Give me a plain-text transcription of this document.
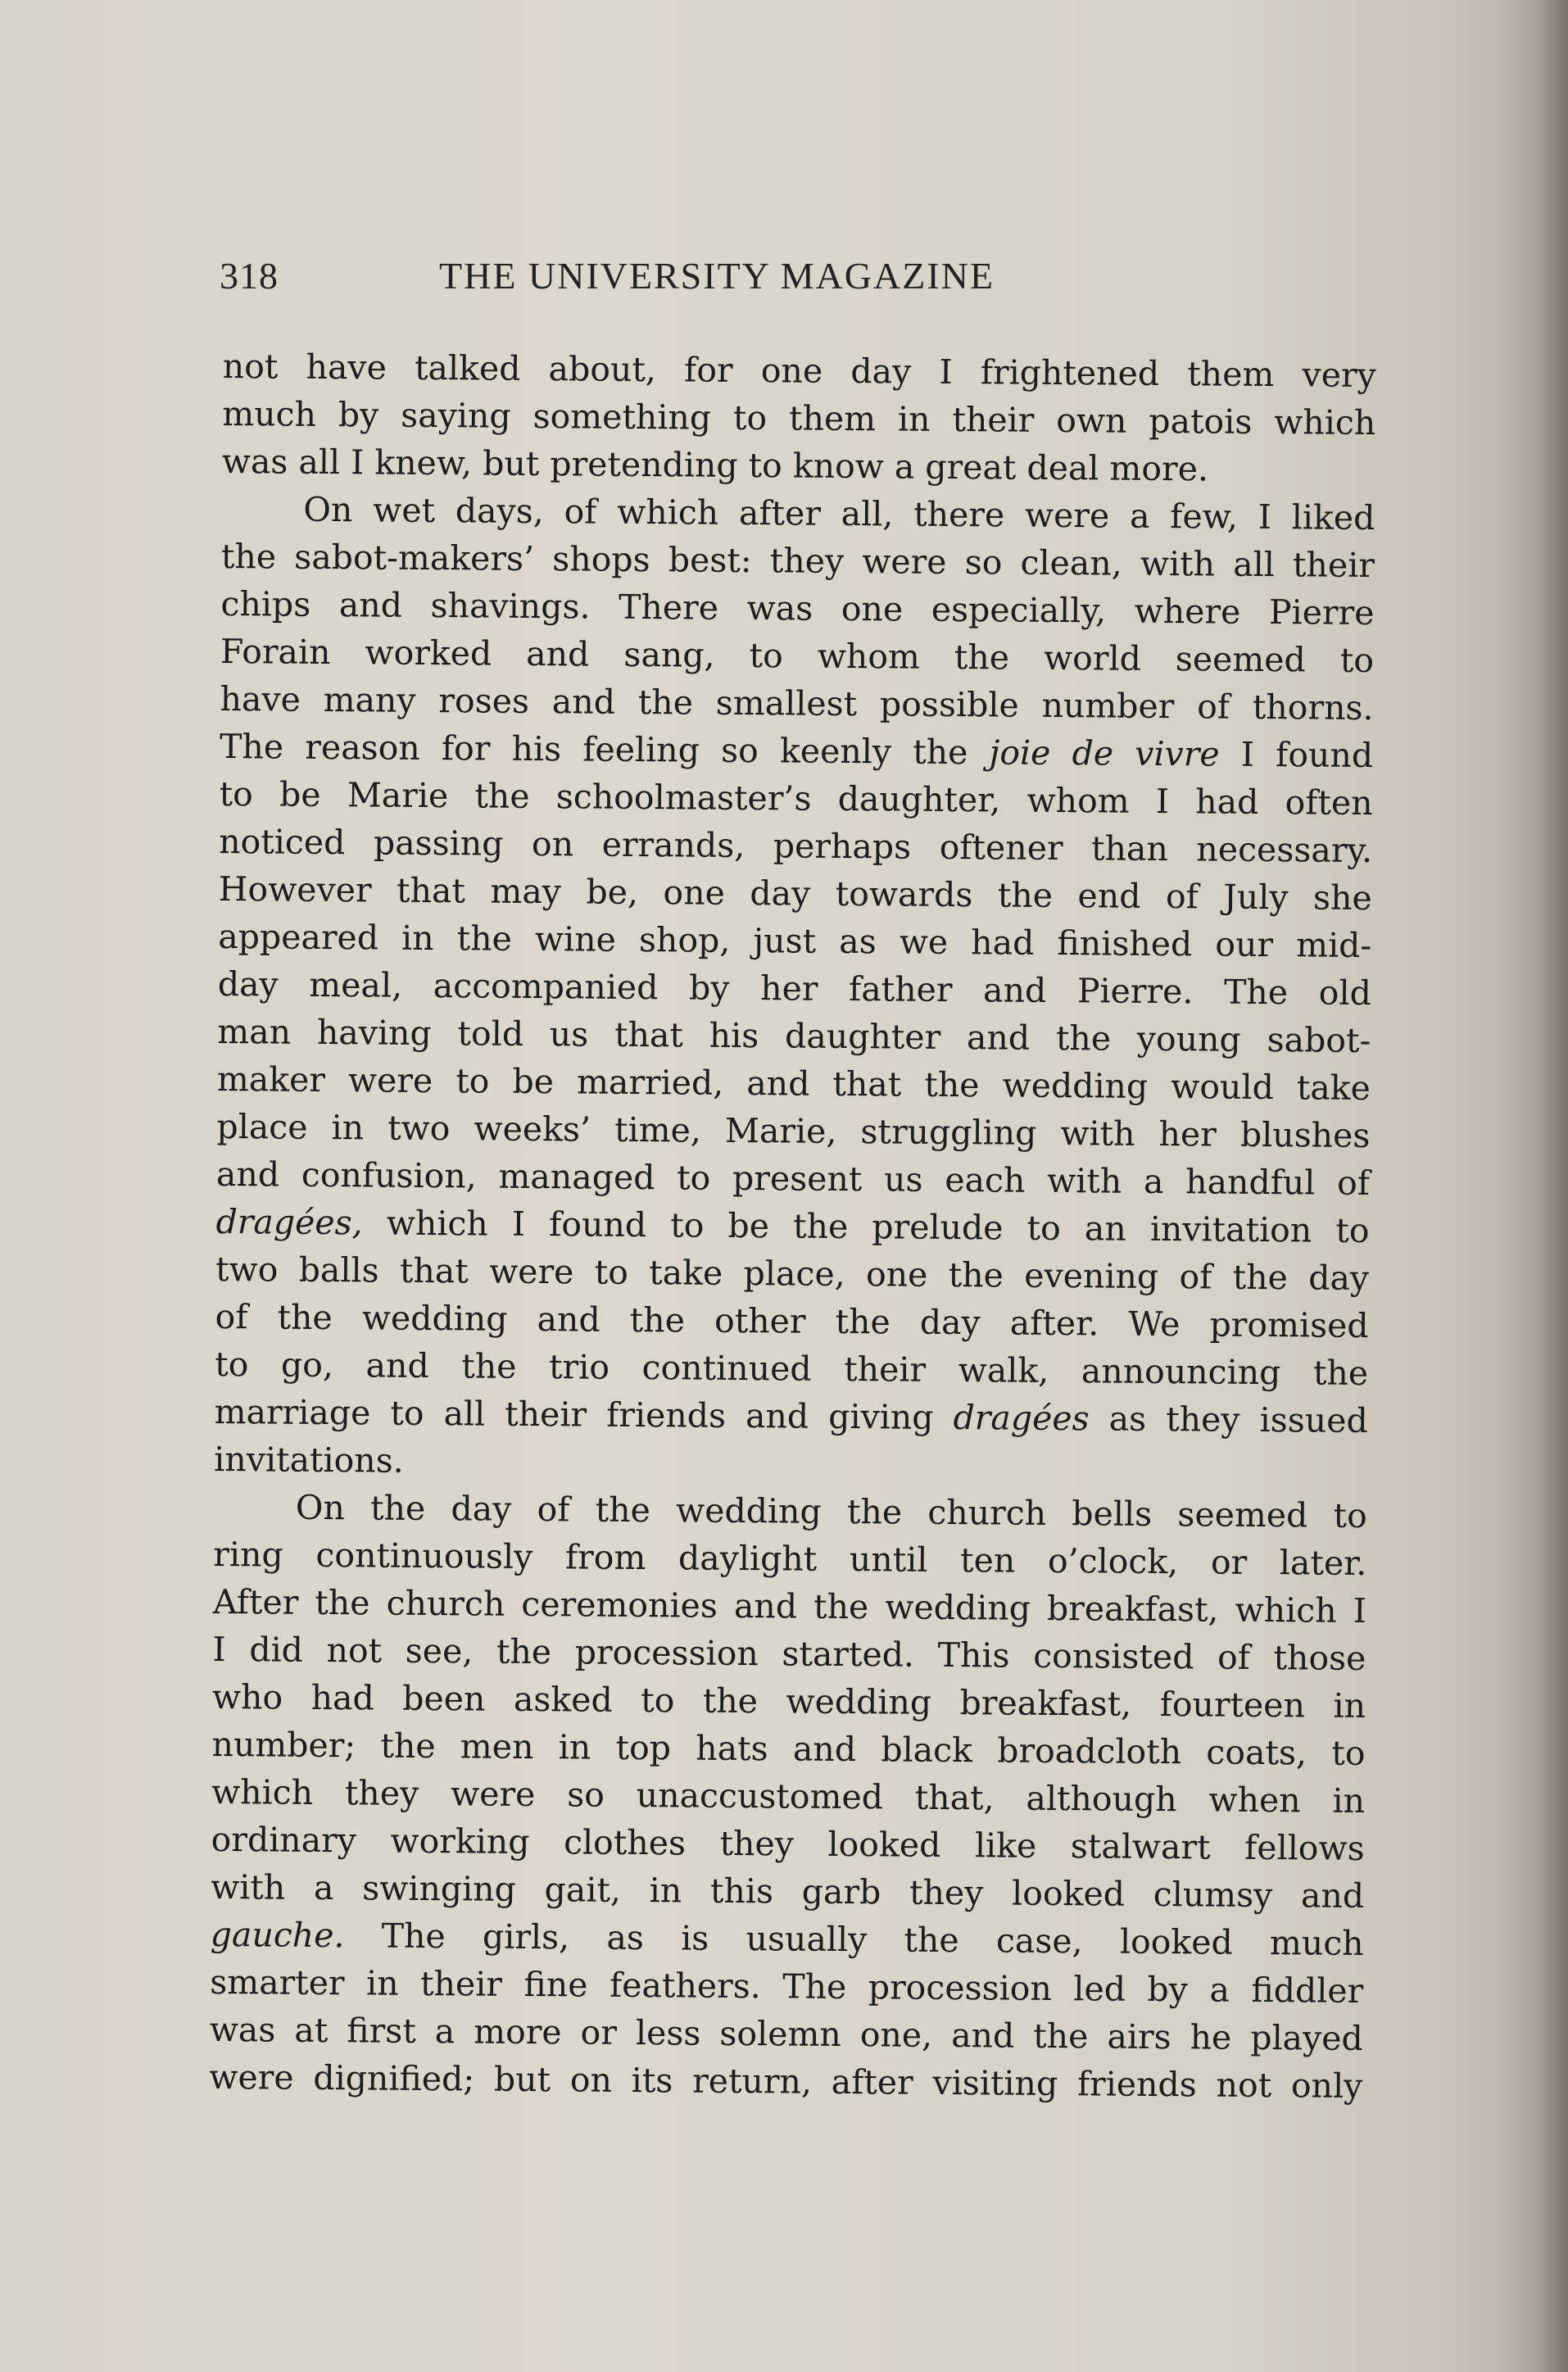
318	THE UNIVERSITY MAGAZINE
not have talked about, for one day I frightened them very
much by saying something to them in their own patois which
was all I knew, but pretending to know a great deal more.
On wet days, of which after all, there were a few, I liked
the sabot-makers’ shops best: they were so clean, with all their
chips and shavings. There was one especially, where Pierre
Forain worked and sang, to whom the world seemed to
have many roses and the smallest possible number of thorns.
The reason for his feeling so keenly the joie de vivre I found
to be Marie the schoolmaster’s daughter, whom I had often
noticed passing on errands, perhaps oftener than necessary.
However that may be, one day towards the end of July she
appeared in the wine shop, just as we had finished our mid-
day meal, accompanied by her father and Pierre. The old
man having told us that his daughter and the young sabot-
maker were to be married, and that the wedding would take
place in two weeks’ time, Marie, struggling with her blushes
and confusion, managed to present us each with a handful of
dragées, which I found to be the prelude to an invitation to
two balls that were to take place, one the evening of the day
of the wedding and the other the day after. We promised
to go, and the trio continued their walk, announcing the
marriage to all their friends and giving dragées as they issued
invitations.
On the day of the wedding the church bells seemed to
ring continuously from daylight until ten o’clock, or later.
After the church ceremonies and the wedding breakfast, which I
I did not see, the procession started. This consisted of those
who had been asked to the wedding breakfast, fourteen in
number; the men in top hats and black broadcloth coats, to
which they were so unaccustomed that, although when in
ordinary working clothes they looked like stalwart fellows
with a swinging gait, in this garb they looked clumsy and
gauche. The girls, as is usually the case, looked much
smarter in their fine feathers. The procession led by a fiddler
was at first a more or less solemn one, and the airs he played
were dignified; but on its return, after visiting friends not only
